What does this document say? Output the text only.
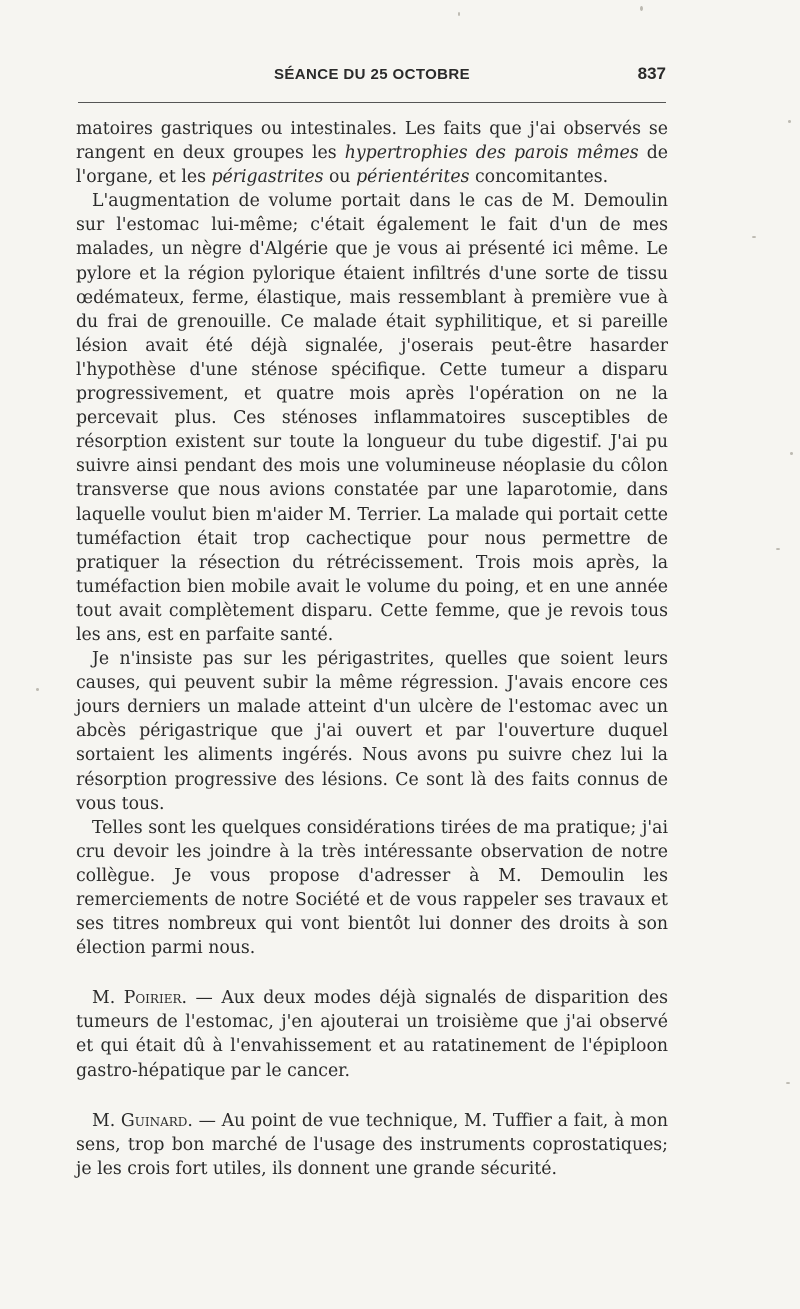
SÉANCE DU 25 OCTOBRE	837

matoires gastriques ou intestinales. Les faits que j'ai observés se rangent en deux groupes les hypertrophies des parois mêmes de l'organe, et les périgastrites ou périentérites concomitantes.

L'augmentation de volume portait dans le cas de M. Demoulin sur l'estomac lui-même; c'était également le fait d'un de mes malades, un nègre d'Algérie que je vous ai présenté ici même. Le pylore et la région pylorique étaient infiltrés d'une sorte de tissu œdémateux, ferme, élastique, mais ressemblant à première vue à du frai de grenouille. Ce malade était syphilitique, et si pareille lésion avait été déjà signalée, j'oserais peut-être hasarder l'hypothèse d'une sténose spécifique. Cette tumeur a disparu progressivement, et quatre mois après l'opération on ne la percevait plus. Ces sténoses inflammatoires susceptibles de résorption existent sur toute la longueur du tube digestif. J'ai pu suivre ainsi pendant des mois une volumineuse néoplasie du côlon transverse que nous avions constatée par une laparotomie, dans laquelle voulut bien m'aider M. Terrier. La malade qui portait cette tuméfaction était trop cachectique pour nous permettre de pratiquer la résection du rétrécissement. Trois mois après, la tuméfaction bien mobile avait le volume du poing, et en une année tout avait complètement disparu. Cette femme, que je revois tous les ans, est en parfaite santé.

Je n'insiste pas sur les périgastrites, quelles que soient leurs causes, qui peuvent subir la même régression. J'avais encore ces jours derniers un malade atteint d'un ulcère de l'estomac avec un abcès périgastrique que j'ai ouvert et par l'ouverture duquel sortaient les aliments ingérés. Nous avons pu suivre chez lui la résorption progressive des lésions. Ce sont là des faits connus de vous tous.

Telles sont les quelques considérations tirées de ma pratique; j'ai cru devoir les joindre à la très intéressante observation de notre collègue. Je vous propose d'adresser à M. Demoulin les remerciements de notre Société et de vous rappeler ses travaux et ses titres nombreux qui vont bientôt lui donner des droits à son élection parmi nous.

M. Poirier. — Aux deux modes déjà signalés de disparition des tumeurs de l'estomac, j'en ajouterai un troisième que j'ai observé et qui était dû à l'envahissement et au ratatinement de l'épiploon gastro-hépatique par le cancer.

M. Guinard. — Au point de vue technique, M. Tuffier a fait, à mon sens, trop bon marché de l'usage des instruments coprostatiques; je les crois fort utiles, ils donnent une grande sécurité.
